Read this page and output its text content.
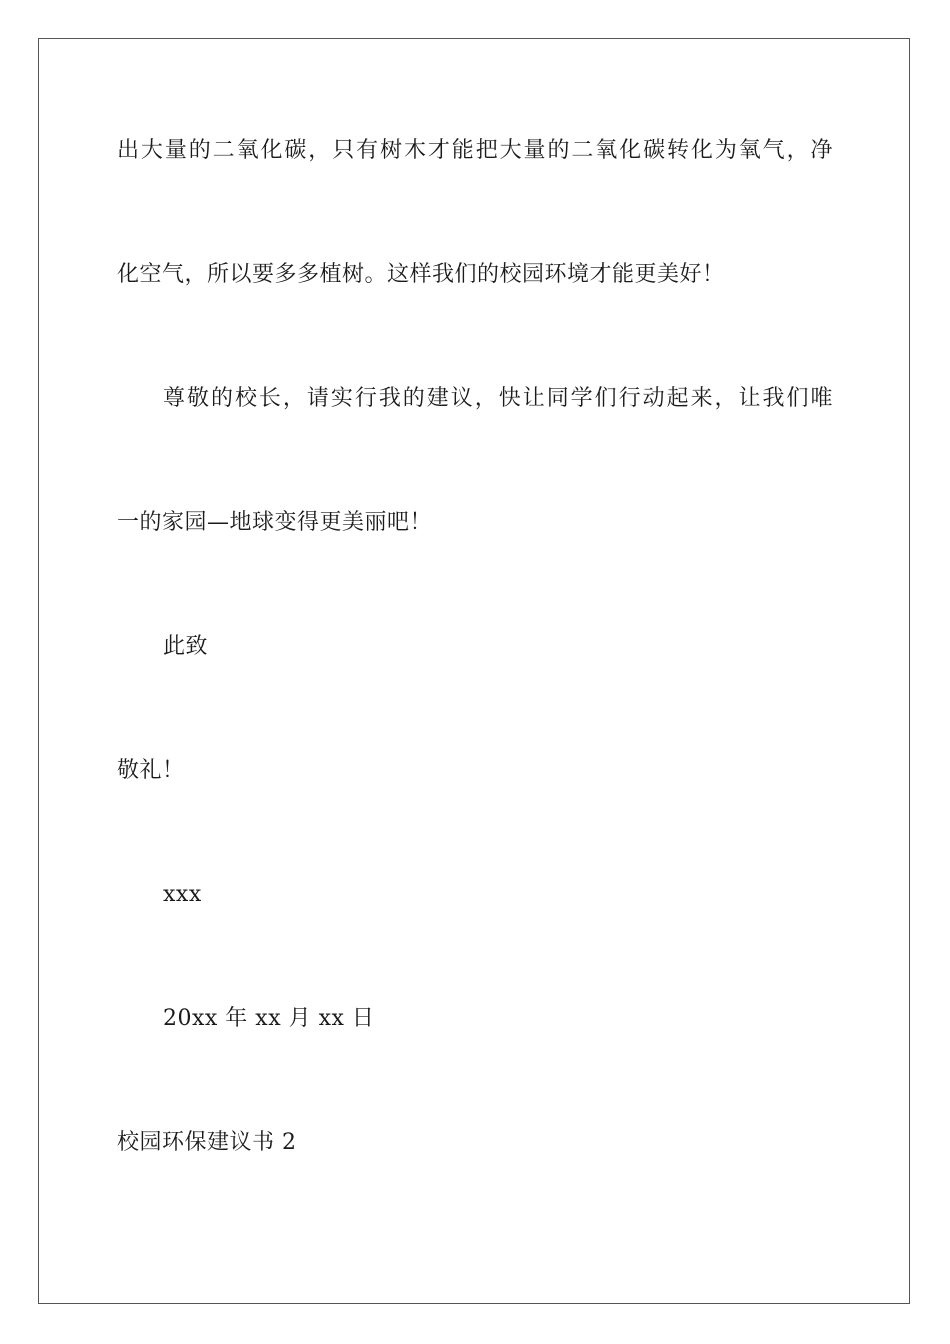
出大量的二氧化碳，只有树木才能把大量的二氧化碳转化为氧气，净
化空气，所以要多多植树。这样我们的校园环境才能更美好！
尊敬的校长，请实行我的建议，快让同学们行动起来，让我们唯
一的家园—地球变得更美丽吧！
此致
敬礼！
xxx
20xx 年 xx 月 xx 日
校园环保建议书 2
